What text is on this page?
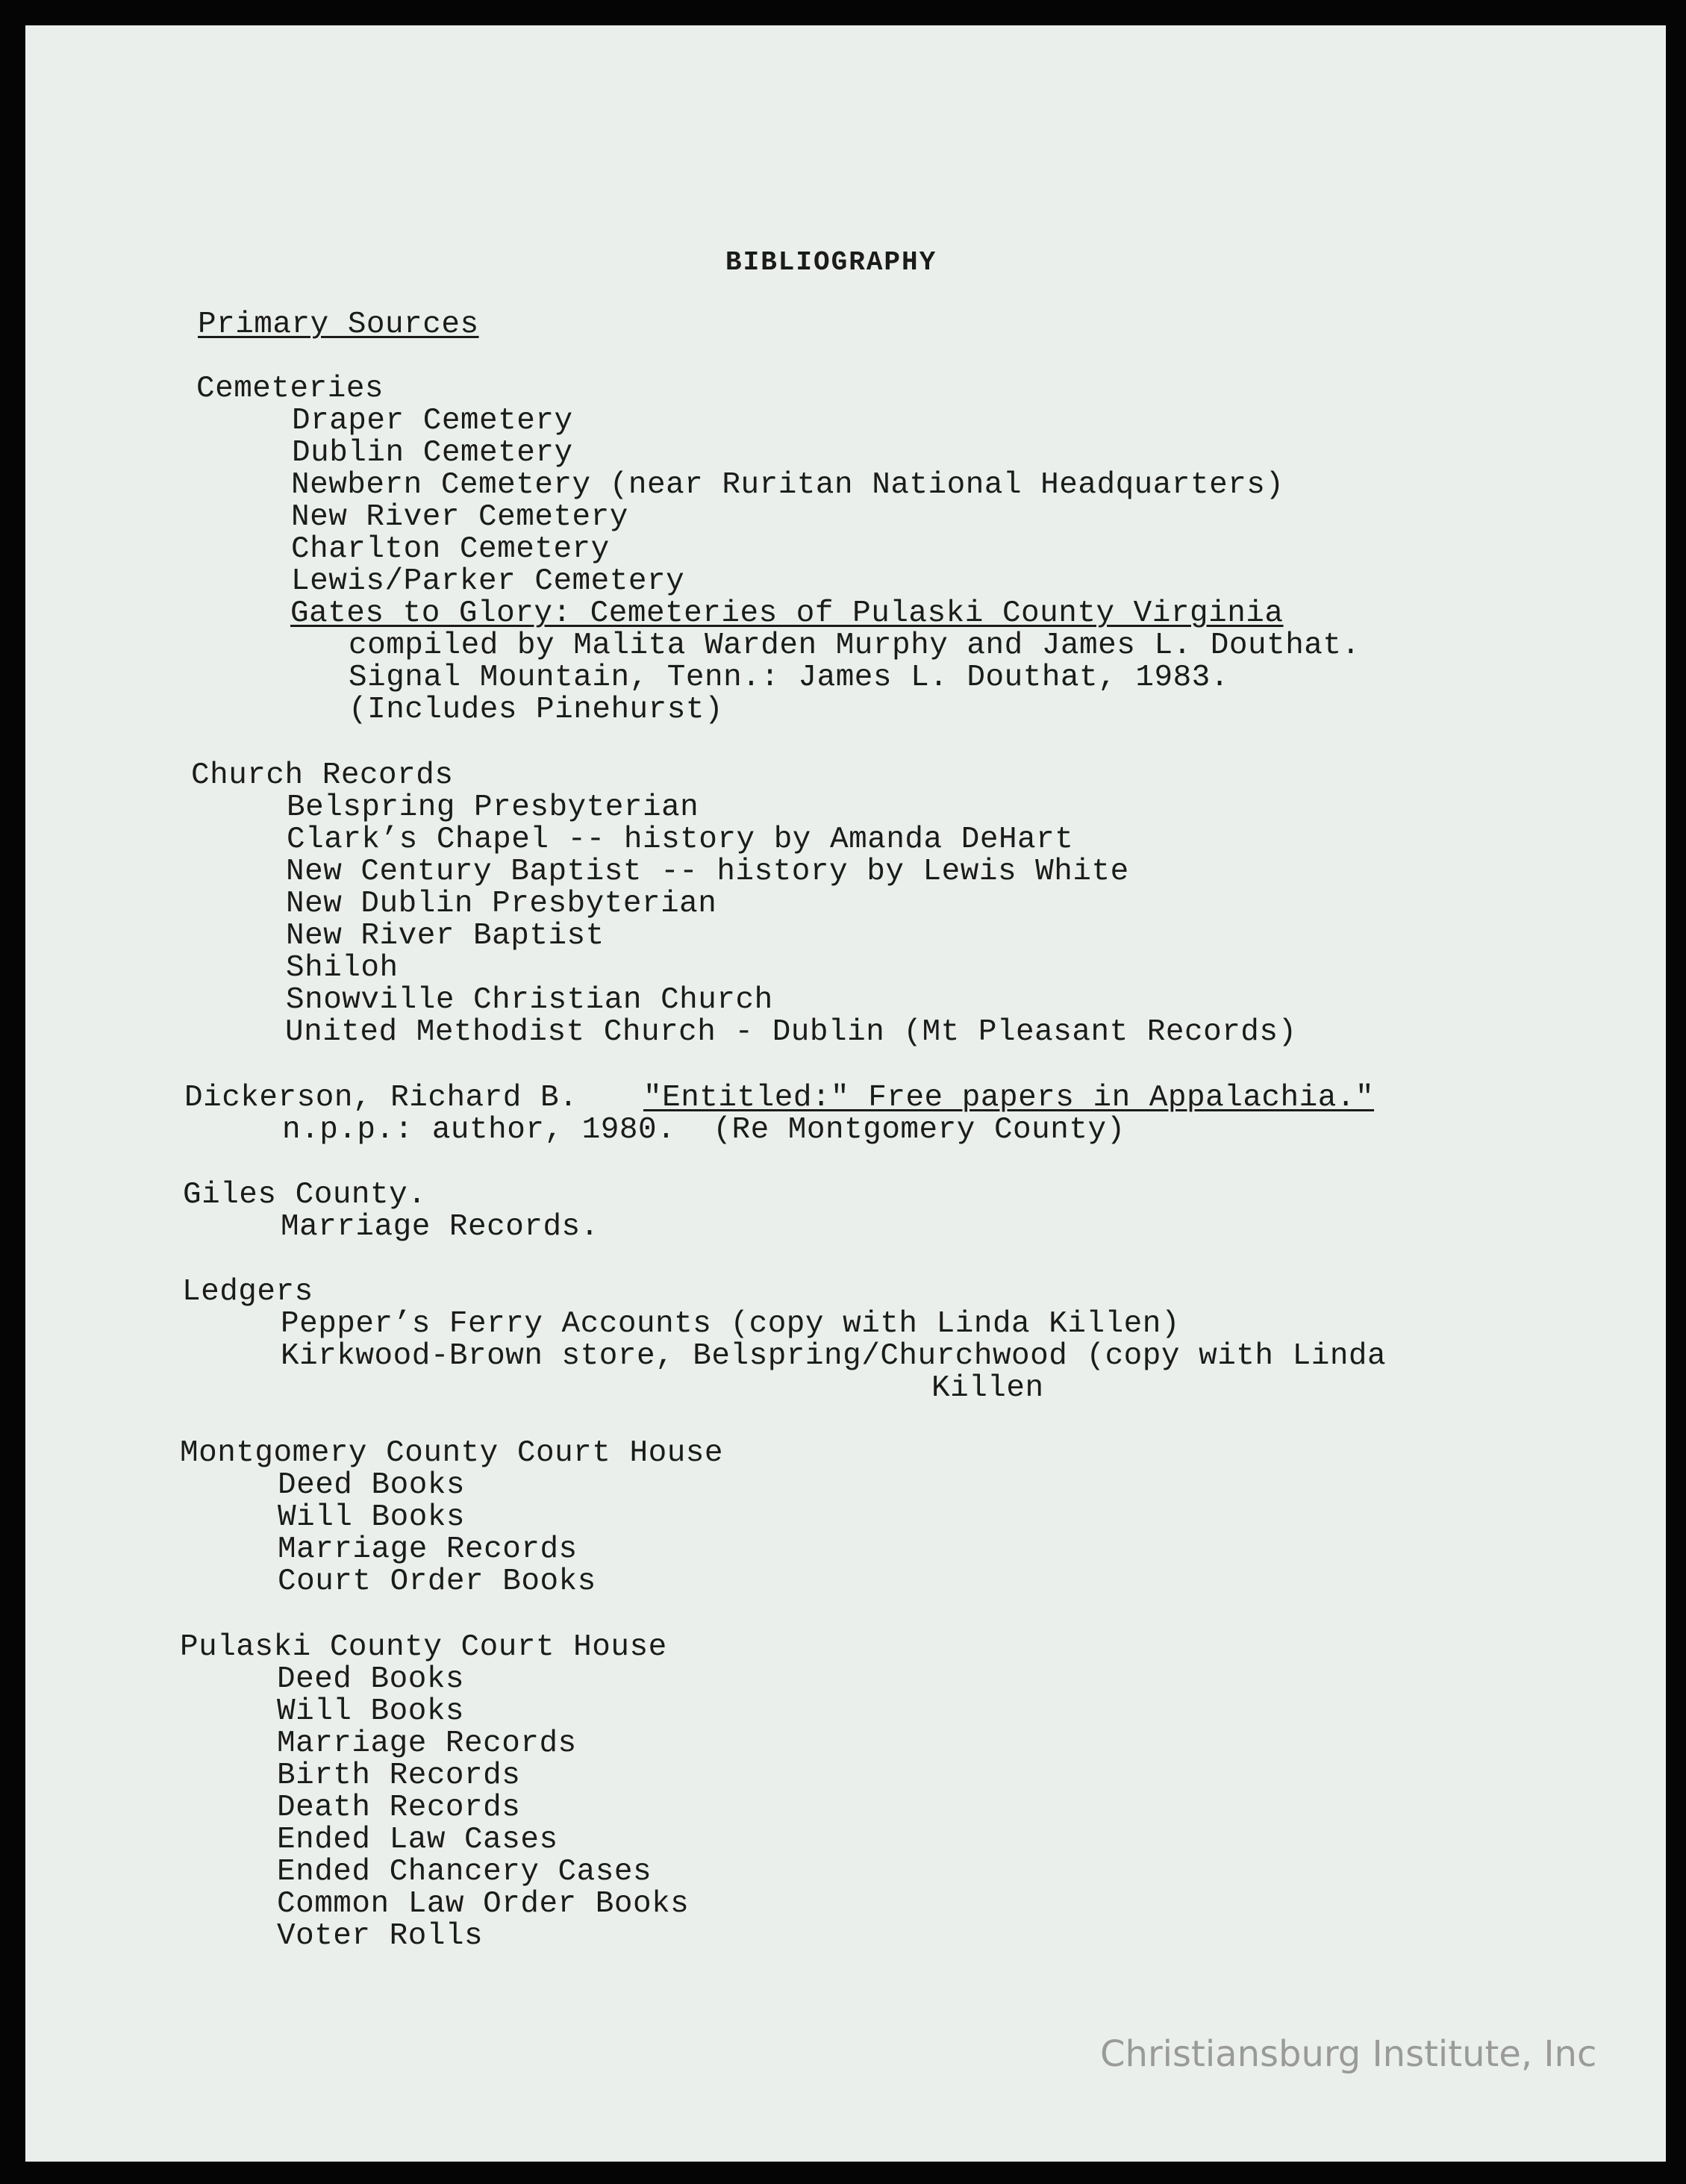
BIBLIOGRAPHY

Primary Sources

Cemeteries

Draper Cemetery

Dublin Cemetery

Newbern Cemetery (near Ruritan National Headquarters)

New River Cemetery

Charlton Cemetery

Lewis/Parker Cemetery

Gates to Glory: Cemeteries of Pulaski County Virginia

compiled by Malita Warden Murphy and James L. Douthat.

Signal Mountain, Tenn.: James L. Douthat, 1983.

(Includes Pinehurst)

Church Records

Belspring Presbyterian

Clark’s Chapel -- history by Amanda DeHart

New Century Baptist -- history by Lewis White

New Dublin Presbyterian

New River Baptist

Shiloh

Snowville Christian Church

United Methodist Church - Dublin (Mt Pleasant Records)

Dickerson, Richard B. "Entitled:" Free papers in Appalachia."

n.p.p.: author, 1980.  (Re Montgomery County)

Giles County.

Marriage Records.

Ledgers

Pepper’s Ferry Accounts (copy with Linda Killen)

Kirkwood-Brown store, Belspring/Churchwood (copy with Linda

Killen

Montgomery County Court House

Deed Books

Will Books

Marriage Records

Court Order Books

Pulaski County Court House

Deed Books

Will Books

Marriage Records

Birth Records

Death Records

Ended Law Cases

Ended Chancery Cases

Common Law Order Books

Voter Rolls

Christiansburg Institute, Inc
